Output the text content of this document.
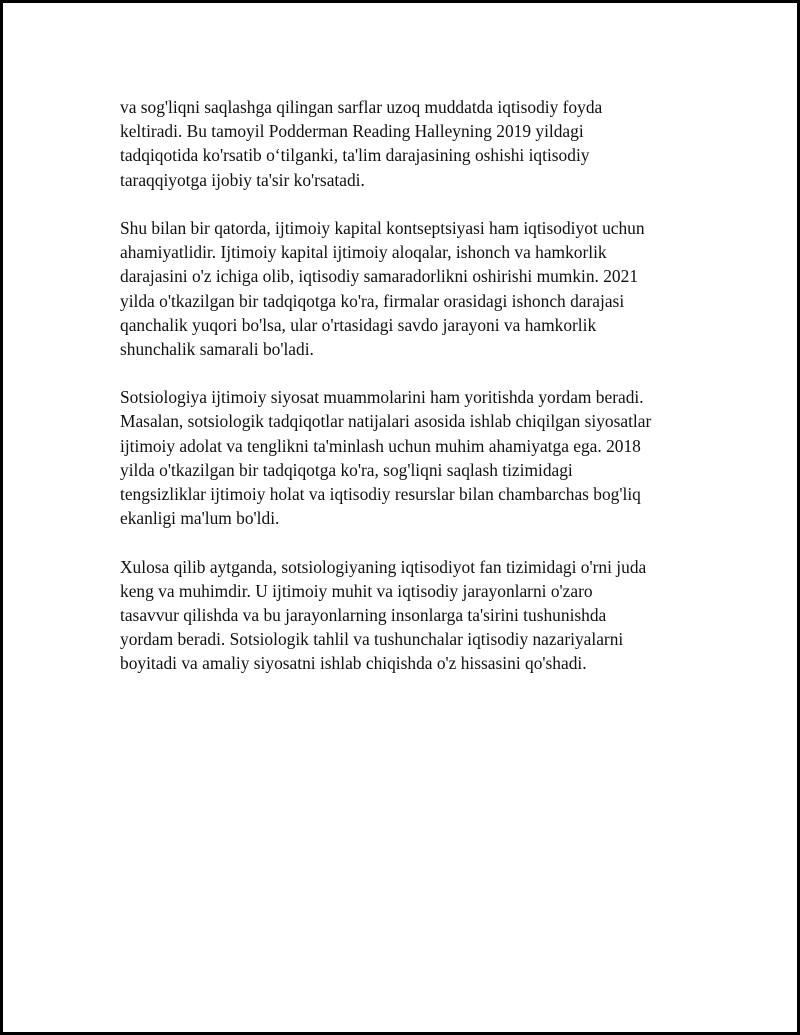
va sog'liqni saqlashga qilingan sarflar uzoq muddatda iqtisodiy foyda
keltiradi. Bu tamoyil Podderman Reading Halleyning 2019 yildagi
tadqiqotida ko'rsatib o‘tilganki, ta'lim darajasining oshishi iqtisodiy
taraqqiyotga ijobiy ta'sir ko'rsatadi.

Shu bilan bir qatorda, ijtimoiy kapital kontseptsiyasi ham iqtisodiyot uchun
ahamiyatlidir. Ijtimoiy kapital ijtimoiy aloqalar, ishonch va hamkorlik
darajasini o'z ichiga olib, iqtisodiy samaradorlikni oshirishi mumkin. 2021
yilda o'tkazilgan bir tadqiqotga ko'ra, firmalar orasidagi ishonch darajasi
qanchalik yuqori bo'lsa, ular o'rtasidagi savdo jarayoni va hamkorlik
shunchalik samarali bo'ladi.

Sotsiologiya ijtimoiy siyosat muammolarini ham yoritishda yordam beradi.
Masalan, sotsiologik tadqiqotlar natijalari asosida ishlab chiqilgan siyosatlar
ijtimoiy adolat va tenglikni ta'minlash uchun muhim ahamiyatga ega. 2018
yilda o'tkazilgan bir tadqiqotga ko'ra, sog'liqni saqlash tizimidagi
tengsizliklar ijtimoiy holat va iqtisodiy resurslar bilan chambarchas bog'liq
ekanligi ma'lum bo'ldi.

Xulosa qilib aytganda, sotsiologiyaning iqtisodiyot fan tizimidagi o'rni juda
keng va muhimdir. U ijtimoiy muhit va iqtisodiy jarayonlarni o'zaro
tasavvur qilishda va bu jarayonlarning insonlarga ta'sirini tushunishda
yordam beradi. Sotsiologik tahlil va tushunchalar iqtisodiy nazariyalarni
boyitadi va amaliy siyosatni ishlab chiqishda o'z hissasini qo'shadi.
